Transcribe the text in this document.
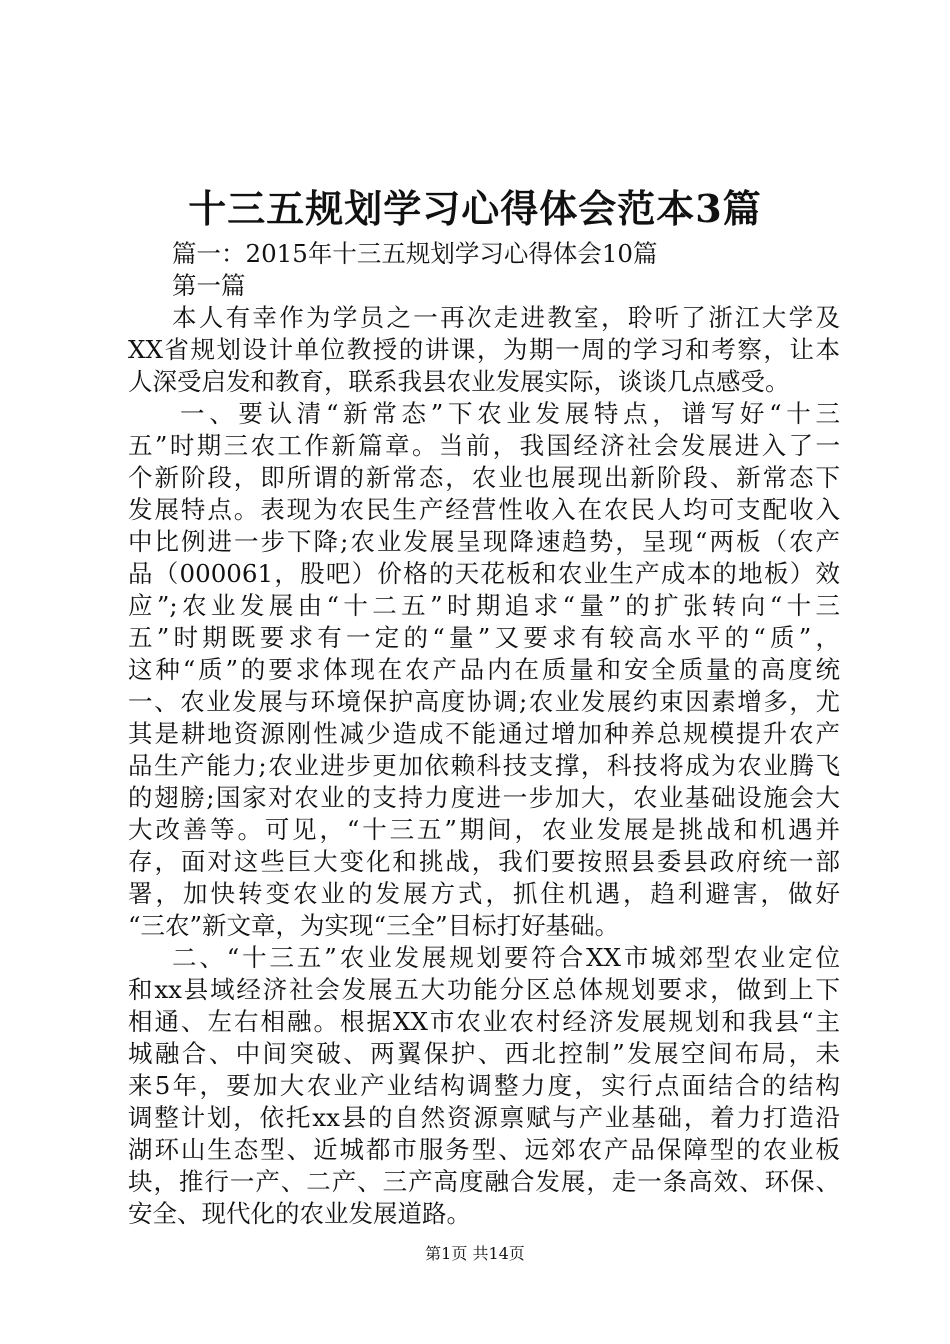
十三五规划学习心得体会范本3篇
篇一：2015年十三五规划学习心得体会10篇
第一篇
本人有幸作为学员之一再次走进教室，聆听了浙江大学及
XX省规划设计单位教授的讲课，为期一周的学习和考察，让本
人深受启发和教育，联系我县农业发展实际，谈谈几点感受。
一、要认清“新常态”下农业发展特点，谱写好“十三
五”时期三农工作新篇章。当前，我国经济社会发展进入了一
个新阶段，即所谓的新常态，农业也展现出新阶段、新常态下
发展特点。表现为农民生产经营性收入在农民人均可支配收入
中比例进一步下降;农业发展呈现降速趋势，呈现“两板（农产
品（000061，股吧）价格的天花板和农业生产成本的地板）效
应”;农业发展由“十二五”时期追求“量”的扩张转向“十三
五”时期既要求有一定的“量”又要求有较高水平的“质”，
这种“质”的要求体现在农产品内在质量和安全质量的高度统
一、农业发展与环境保护高度协调;农业发展约束因素增多，尤
其是耕地资源刚性减少造成不能通过增加种养总规模提升农产
品生产能力;农业进步更加依赖科技支撑，科技将成为农业腾飞
的翅膀;国家对农业的支持力度进一步加大，农业基础设施会大
大改善等。可见，“十三五”期间，农业发展是挑战和机遇并
存，面对这些巨大变化和挑战，我们要按照县委县政府统一部
署，加快转变农业的发展方式，抓住机遇，趋利避害，做好
“三农”新文章，为实现“三全”目标打好基础。
二、“十三五”农业发展规划要符合XX市城郊型农业定位
和xx县域经济社会发展五大功能分区总体规划要求，做到上下
相通、左右相融。根据XX市农业农村经济发展规划和我县“主
城融合、中间突破、两翼保护、西北控制”发展空间布局，未
来5年，要加大农业产业结构调整力度，实行点面结合的结构
调整计划，依托xx县的自然资源禀赋与产业基础，着力打造沿
湖环山生态型、近城都市服务型、远郊农产品保障型的农业板
块，推行一产、二产、三产高度融合发展，走一条高效、环保、
安全、现代化的农业发展道路。
第1页 共14页
